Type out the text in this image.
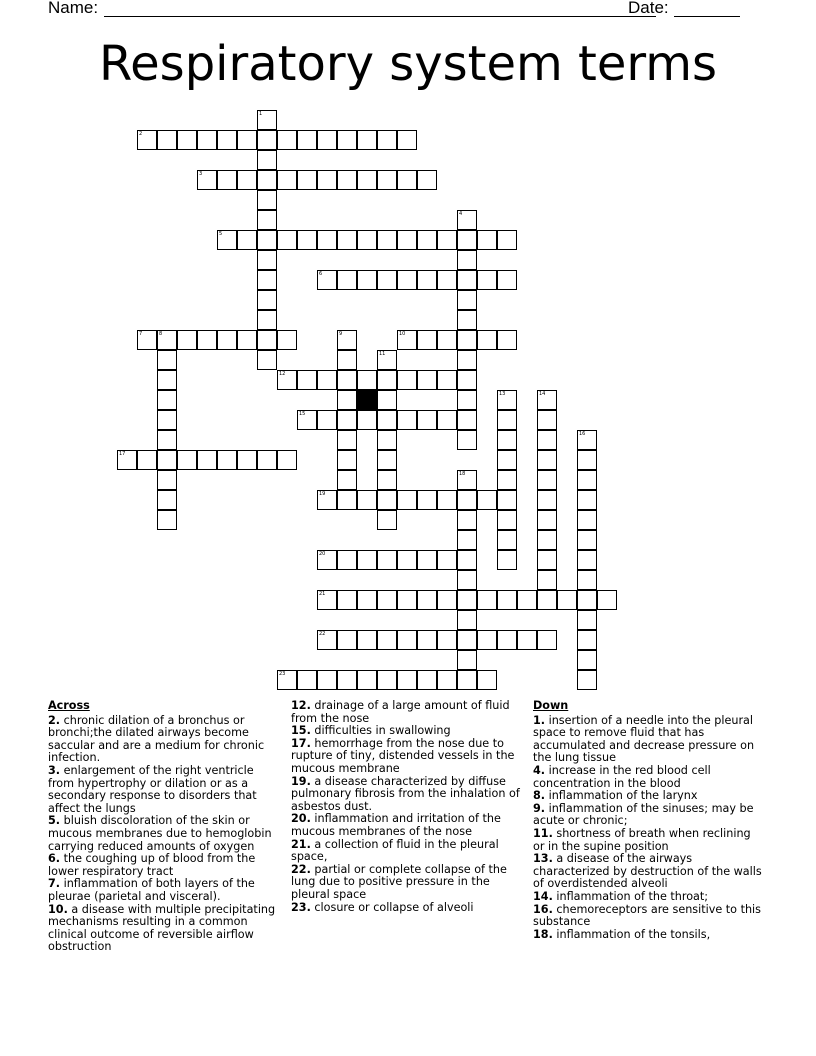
Name:	Date:
Respiratory system terms
1
2
3
4
5
6
7	8	9	10
11
12
13	14
15
16
17
18
19
20
21
22
23
Across
2. chronic dilation of a bronchus or bronchi;the dilated airways become saccular and are a medium for chronic infection.
3. enlargement of the right ventricle from hypertrophy or dilation or as a secondary response to disorders that affect the lungs
5. bluish discoloration of the skin or mucous membranes due to hemoglobin carrying reduced amounts of oxygen
6. the coughing up of blood from the lower respiratory tract
7. inflammation of both layers of the pleurae (parietal and visceral).
10. a disease with multiple precipitating mechanisms resulting in a common clinical outcome of reversible airflow obstruction
12. drainage of a large amount of fluid from the nose
15. difficulties in swallowing
17. hemorrhage from the nose due to rupture of tiny, distended vessels in the mucous membrane
19. a disease characterized by diffuse pulmonary fibrosis from the inhalation of asbestos dust.
20. inflammation and irritation of the mucous membranes of the nose
21. a collection of fluid in the pleural space,
22. partial or complete collapse of the lung due to positive pressure in the pleural space
23. closure or collapse of alveoli
Down
1. insertion of a needle into the pleural space to remove fluid that has accumulated and decrease pressure on the lung tissue
4. increase in the red blood cell concentration in the blood
8. inflammation of the larynx
9. inflammation of the sinuses; may be acute or chronic;
11. shortness of breath when reclining or in the supine position
13. a disease of the airways characterized by destruction of the walls of overdistended alveoli
14. inflammation of the throat;
16. chemoreceptors are sensitive to this substance
18. inflammation of the tonsils,
